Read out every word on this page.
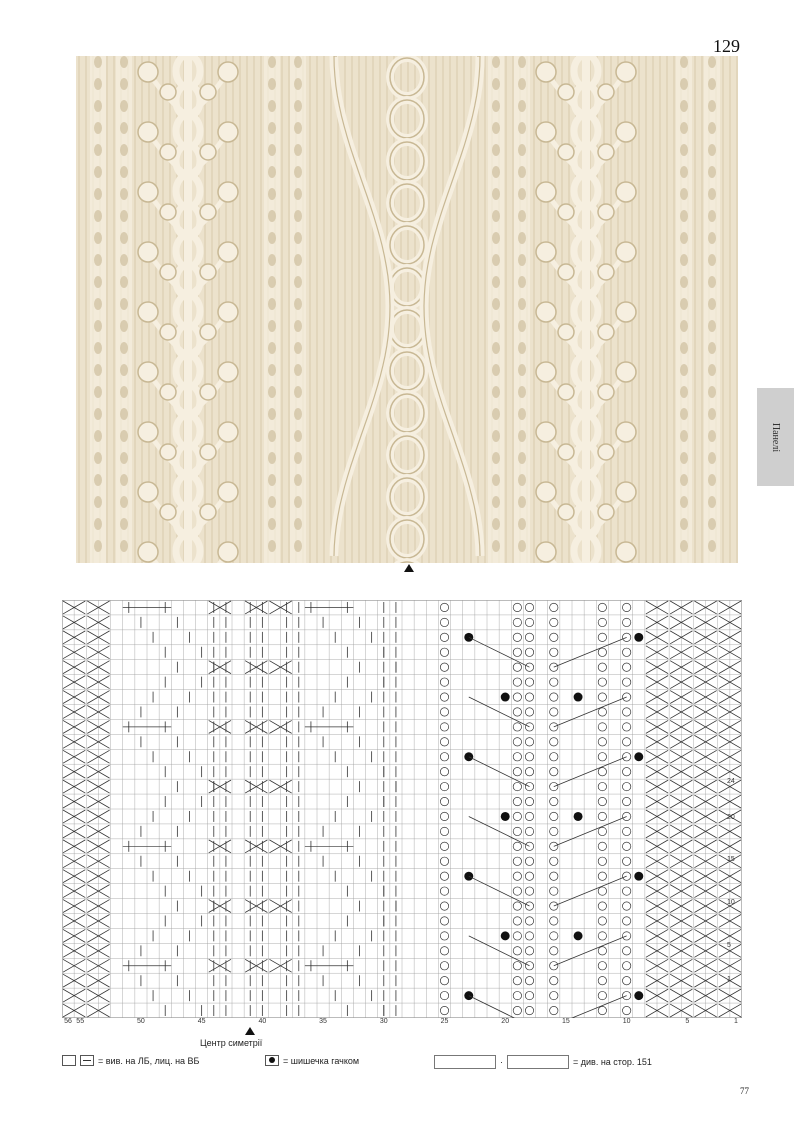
129
Панелі
56 55	50	45	40	35	30	25	20	15	10	5	1
24
20
15
10
5
1
Центр симетрії
= вив. на ЛБ, лиц. на ВБ	= шишечка гачком	·	= див. на стор. 151
77
